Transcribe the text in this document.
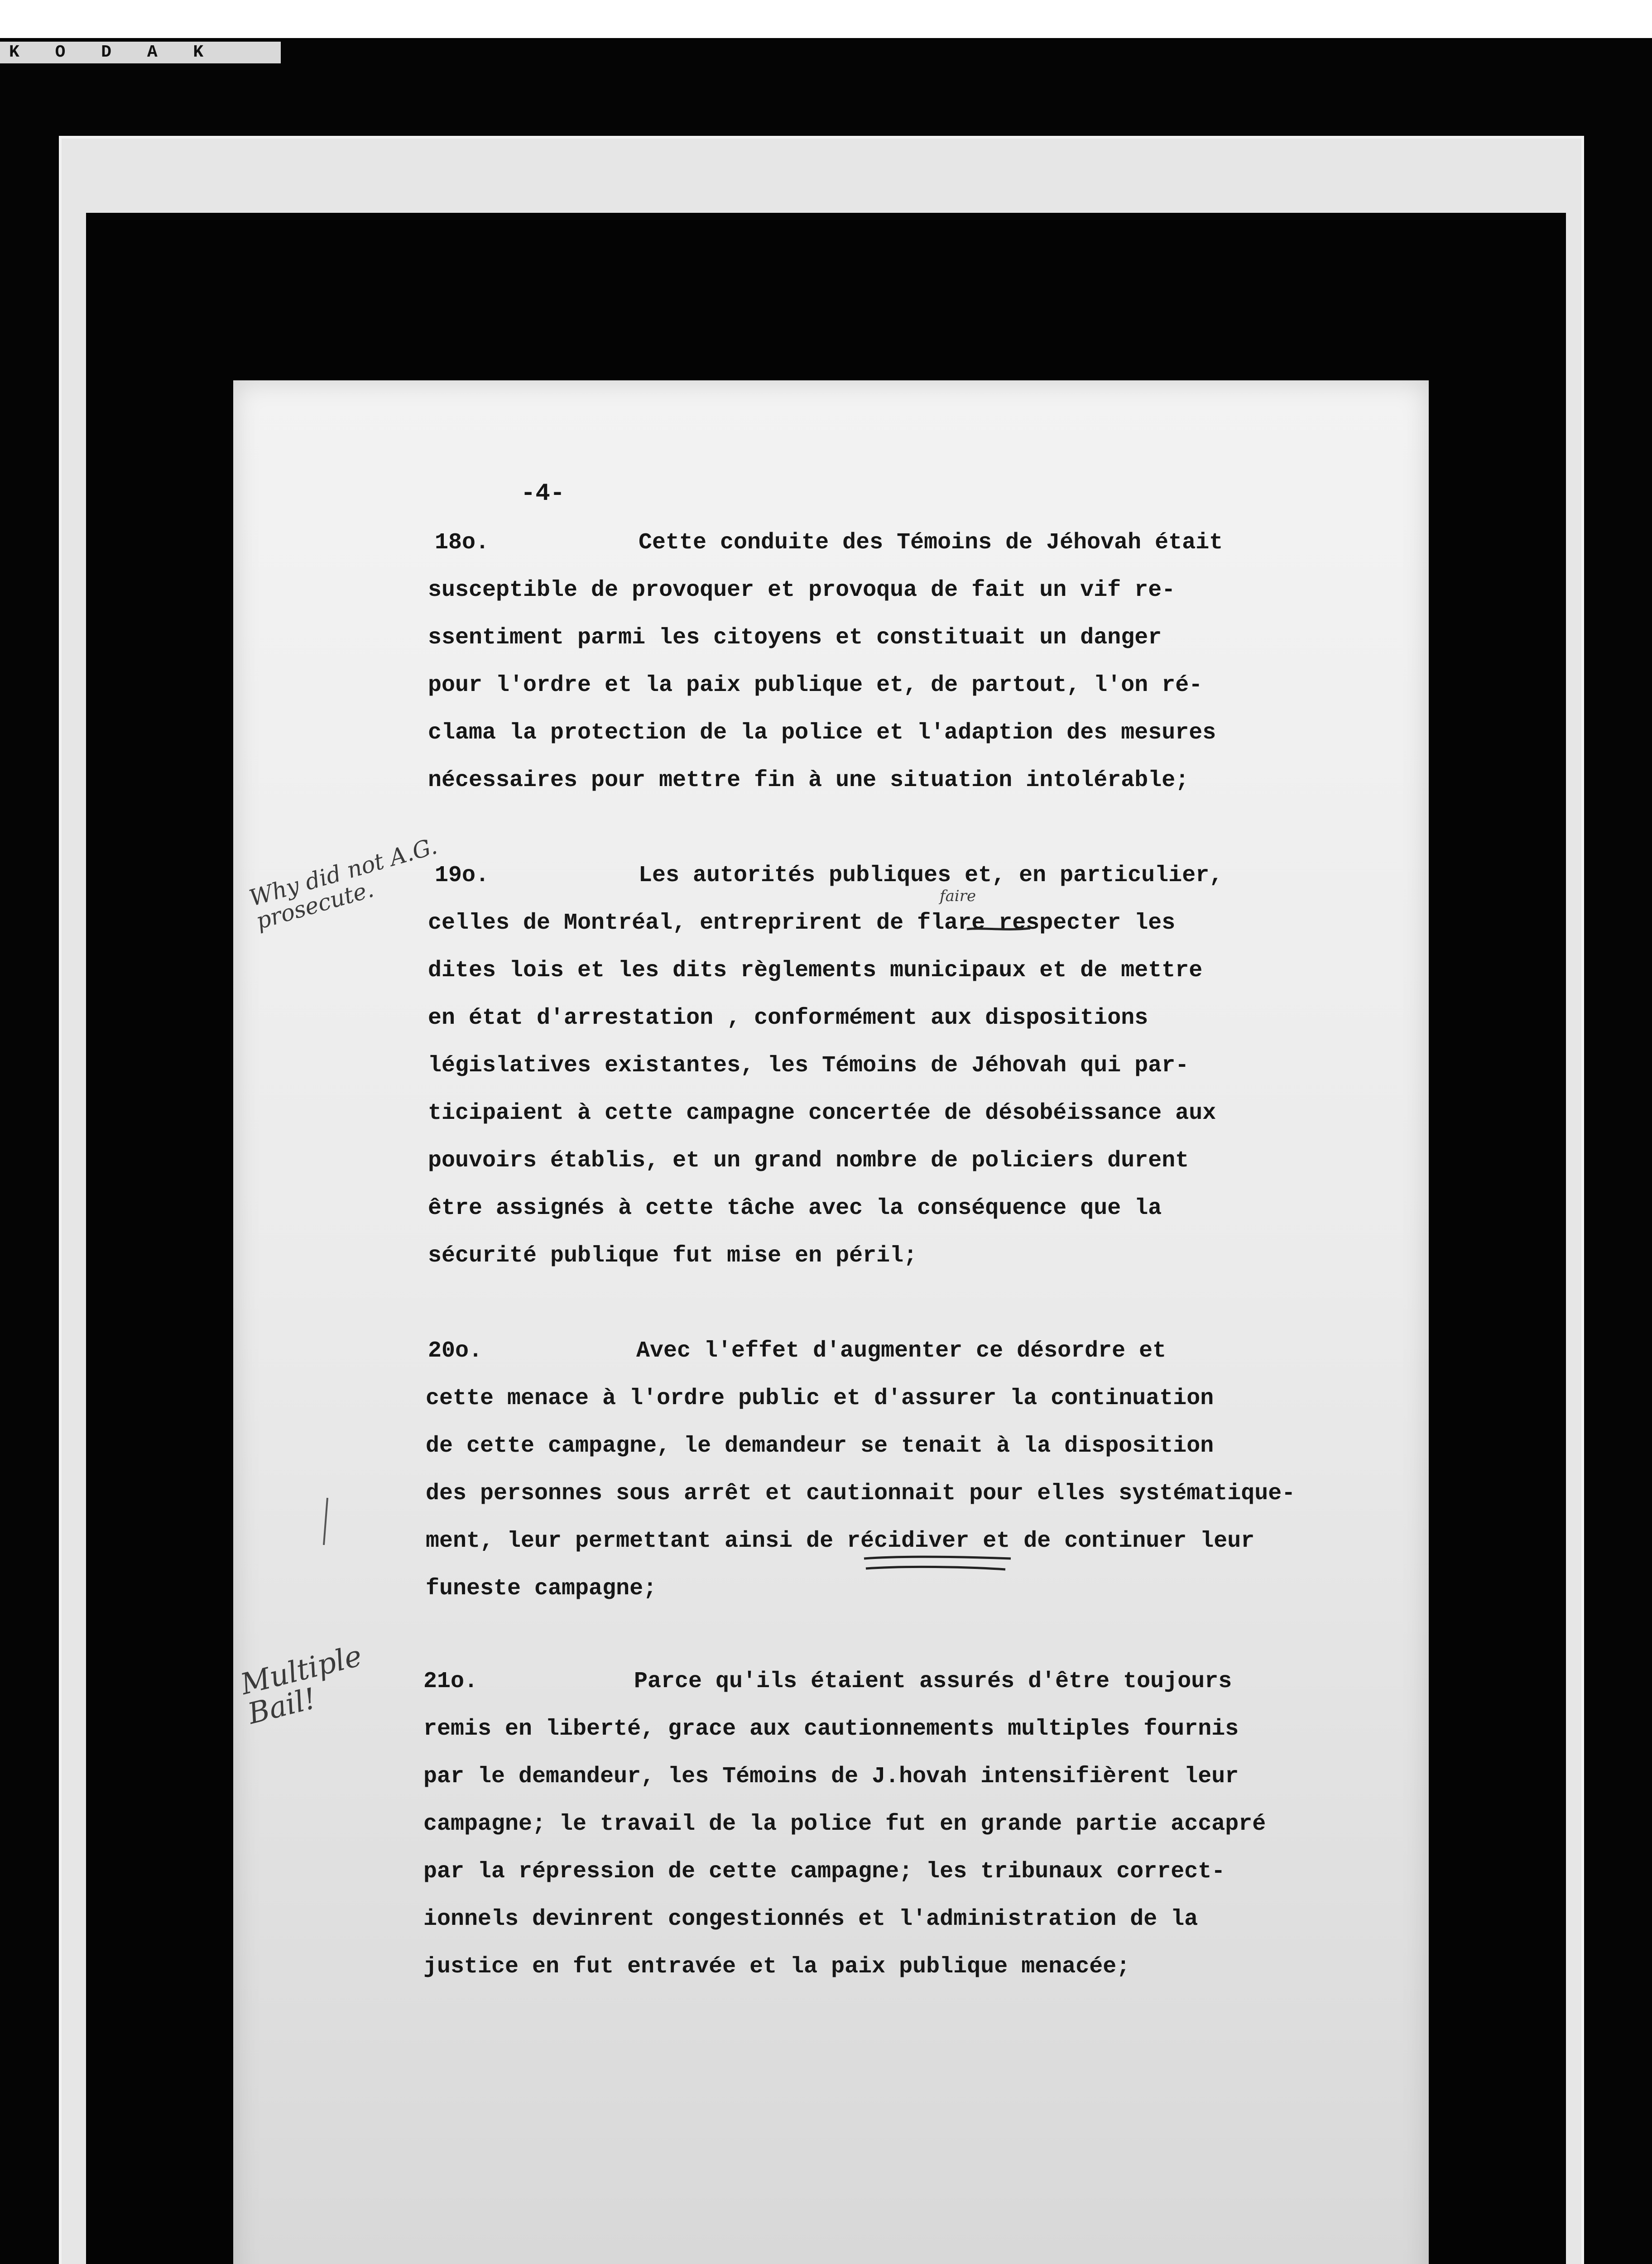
K O D A K
-4-
18o.	Cette conduite des Témoins de Jéhovah était
susceptible de provoquer et provoqua de fait un vif re-
ssentiment parmi les citoyens et constituait un danger
pour l'ordre et la paix publique et, de partout, l'on ré-
clama la protection de la police et l'adaption des mesures
nécessaires pour mettre fin à une situation intolérable;
19o.	Les autorités publiques et, en particulier,
faire
celles de Montréal, entreprirent de flare respecter les
dites lois et les dits règlements municipaux et de mettre
en état d'arrestation , conformément aux dispositions
législatives existantes, les Témoins de Jéhovah qui par-
ticipaient à cette campagne concertée de désobéissance aux
pouvoirs établis, et un grand nombre de policiers durent
être assignés à cette tâche avec la conséquence que la
sécurité publique fut mise en péril;
Why did not A.G.
prosecute.
20o.	Avec l'effet d'augmenter ce désordre et
cette menace à l'ordre public et d'assurer la continuation
de cette campagne, le demandeur se tenait à la disposition
des personnes sous arrêt et cautionnait pour elles systématique-
ment, leur permettant ainsi de récidiver et de continuer leur
funeste campagne;
21o.	Parce qu'ils étaient assurés d'être toujours
remis en liberté, grace aux cautionnements multiples fournis
par le demandeur, les Témoins de J.hovah intensifièrent leur
campagne; le travail de la police fut en grande partie accapré
par la répression de cette campagne; les tribunaux correct-
ionnels devinrent congestionnés et l'administration de la
justice en fut entravée et la paix publique menacée;
Multiple
Bail!
